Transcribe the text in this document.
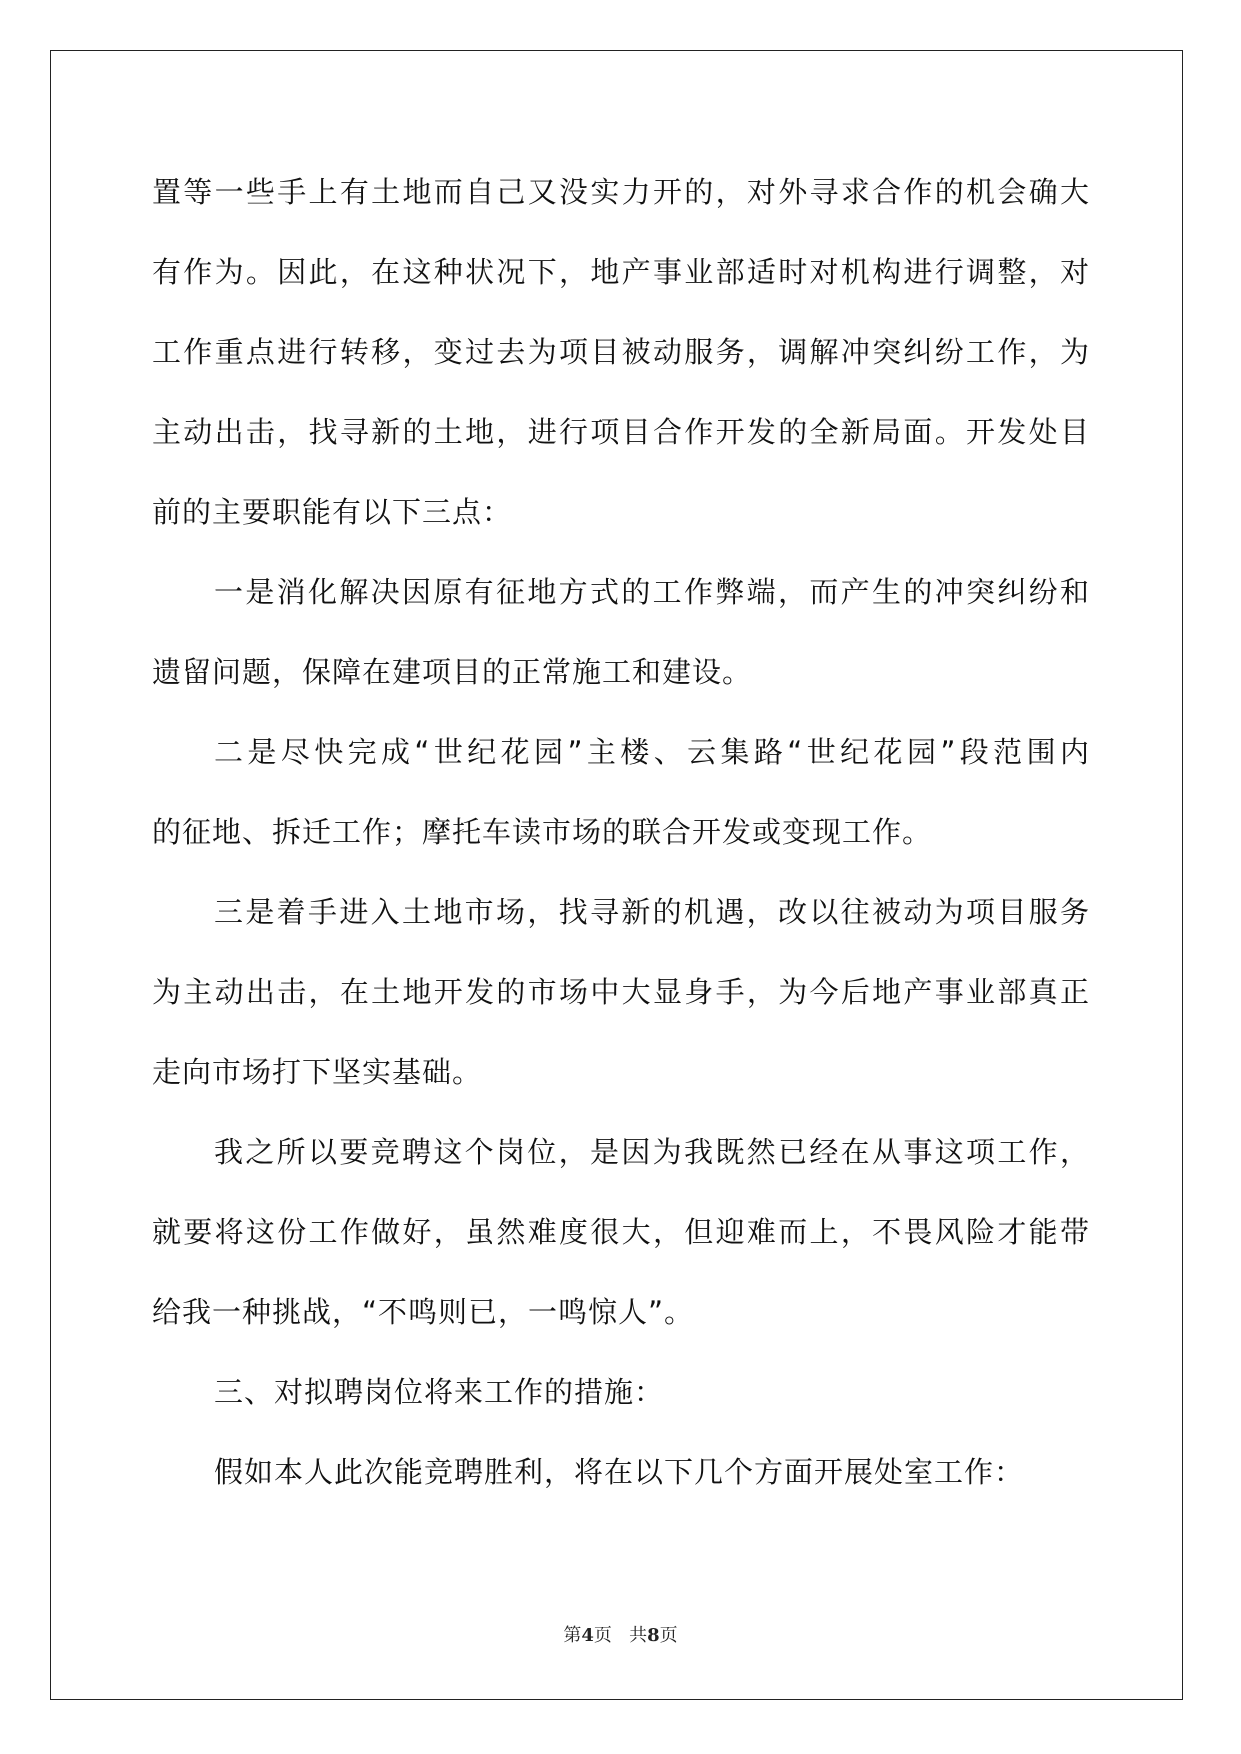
置等一些手上有土地而自己又没实力开的，对外寻求合作的机会确大
有作为。因此，在这种状况下，地产事业部适时对机构进行调整，对
工作重点进行转移，变过去为项目被动服务，调解冲突纠纷工作，为
主动出击，找寻新的土地，进行项目合作开发的全新局面。开发处目
前的主要职能有以下三点：
一是消化解决因原有征地方式的工作弊端，而产生的冲突纠纷和
遗留问题，保障在建项目的正常施工和建设。
二是尽快完成“世纪花园”主楼、云集路“世纪花园”段范围内
的征地、拆迁工作；摩托车读市场的联合开发或变现工作。
三是着手进入土地市场，找寻新的机遇，改以往被动为项目服务
为主动出击，在土地开发的市场中大显身手，为今后地产事业部真正
走向市场打下坚实基础。
我之所以要竞聘这个岗位，是因为我既然已经在从事这项工作，
就要将这份工作做好，虽然难度很大，但迎难而上，不畏风险才能带
给我一种挑战，“不鸣则已，一鸣惊人”。
三、对拟聘岗位将来工作的措施：
假如本人此次能竞聘胜利，将在以下几个方面开展处室工作：
第4页 共8页
